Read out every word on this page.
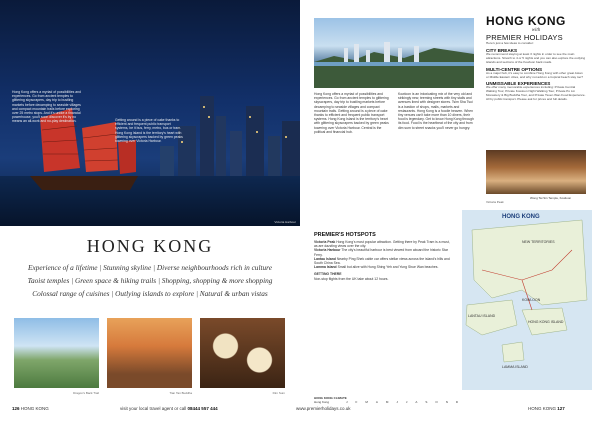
Victoria Harbour
Hong Kong offers a myriad of possibilities and experiences. Go from ancient temples to glittering skyscrapers, day trip to bustling markets before decamping to seaside villages and compact mountain trails before exploring over 25 metro stops. And it's unlike a financial powerhouse, you'll soon discover it's by no means an all-work and no-play destination.	Getting around is a piece of cake thanks to efficient and frequent public transport systems, be it bus, ferry, metro, bus or tram. Hong Kong Island is the territory's heart with glittering skyscrapers backed by green peaks towering over Victoria Harbour.
HONG KONG
Experience of a lifetime | Stunning skyline | Diverse neighbourhoods rich in culture
Taoist temples | Green space & hiking trails | Shopping, shopping & more shopping
Colossal range of cuisines | Outlying islands to explore | Natural & urban vistas
Dragon's Back Trail	Tian Tan Buddha	Dim Sum
126 HONG KONG	visit your local travel agent or call 08444 557 444	www.premierholidays.co.uk
Hong Kong offers a myriad of possibilities and experiences. Go from ancient temples to glittering skyscrapers, day trip to bustling markets before decamping to seaside villages and compact mountain trails. Getting around is a piece of cake thanks to efficient and frequent public transport systems. Hong Kong Island is the territory's heart with glittering skyscrapers backed by green peaks towering over Victoria Harbour. Central is the political and financial hub.
Kowloon is an intoxicating mix of the very old and strikingly new, teeming streets with tiny stalls and avenues lined with designer stores. Tsim Sha Tsui is a bastion of shops, malls, markets and restaurants. Hong Kong is a foodie heaven. When tiny venues can't take more than 10 diners, their food is legendary. Get to know Hong Kong through its food. Food is the heartbeat of the city and from dim sum to street snacks you'll never go hungry.
HONG KONG
with
PREMIER HOLIDAYS
Here's just a few ideas to consider:
CITY BREAKS
We recommend staying at least 3 nights in order to see the main attractions. Stretch to 4 or 5 nights and you can also explore the outlying islands and sections of the Kowloon back roads.
MULTI-CENTRE OPTIONS
As a major hub, it's easy to combine Hong Kong with other great Asian or Middle Eastern cities, and why not add on a tropical beach stay too?
UNMISSABLE EXPERIENCES
We offer many memorable experiences including: Private Central Walking Tour, Private Kowloon Night Walking Tour, Private Po Lin Monastery & Big Buddha Tour, and Private Tsuen Wan Food Experience. All by public transport. Please ask for prices and full details.
Wong Tai Sin Temple, Kowloon
PREMIER'S HOTSPOTS
Victoria Peak Hong Kong's most popular attraction. Getting there by Peak Tram is a must, as are dazzling views over the city.
Victoria Harbour The city's beautiful harbour is best viewed from aboard the historic Star Ferry.
Lantau Island Nearby Ping Shek cable car offers stellar views across the island's hills and South China Sea.
Lamma Island Small but alive with Hung Shing Yeh and Yung Shue Wan beaches.
GETTING THERE
Non-stop flights from the UK take about 12 hours.
HONG KONG
NEW TERRITORIES
LANTAU ISLAND
KOWLOON
HONG KONG ISLAND
LAMMA ISLAND
HONG KONG CLIMATE
Hong Kong	J	F	M	A	M	J	J	A	S	O	N	D
HONG KONG 127
Victoria Peak
